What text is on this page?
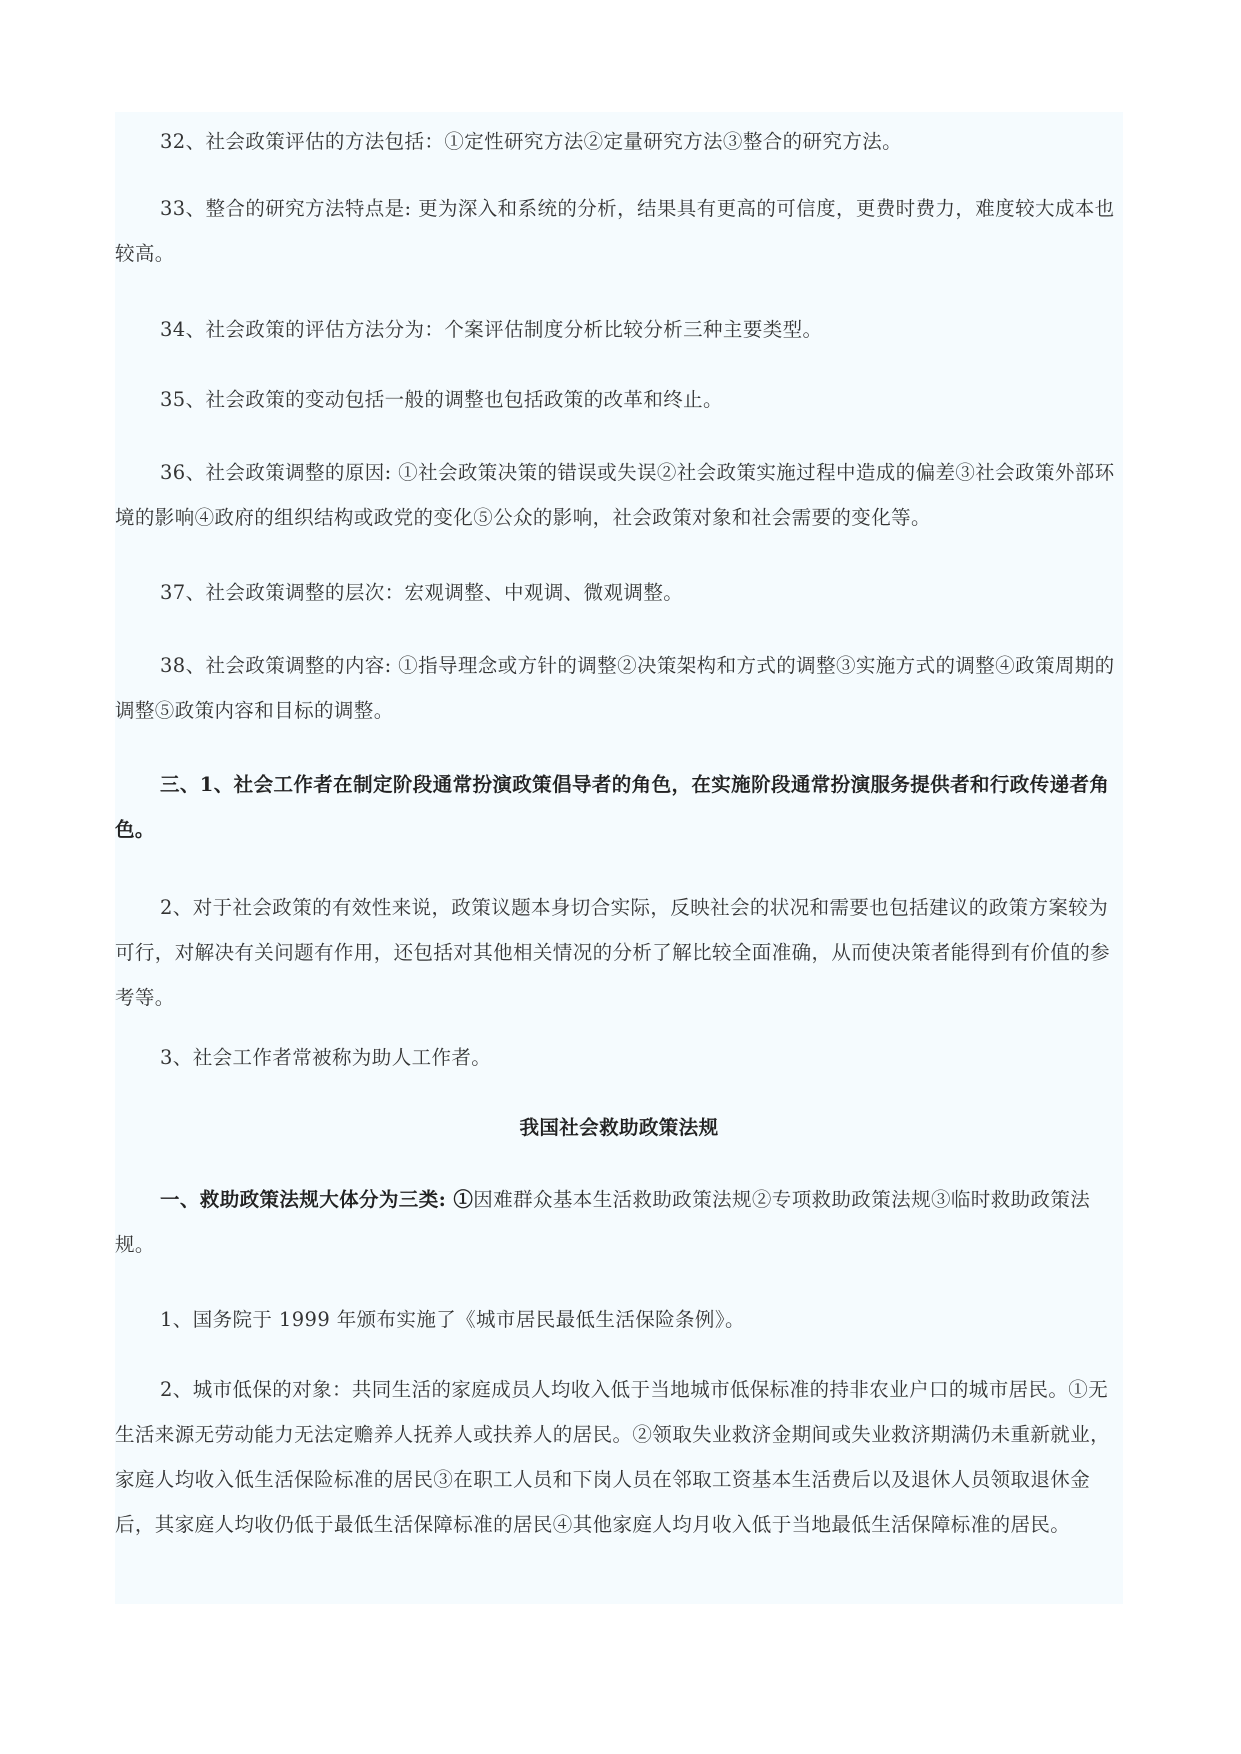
32、社会政策评估的方法包括：①定性研究方法②定量研究方法③整合的研究方法。

33、整合的研究方法特点是: 更为深入和系统的分析，结果具有更高的可信度，更费时费力，难度较大成本也较高。

34、社会政策的评估方法分为：个案评估制度分析比较分析三种主要类型。

35、社会政策的变动包括一般的调整也包括政策的改革和终止。

36、社会政策调整的原因: ①社会政策决策的错误或失误②社会政策实施过程中造成的偏差③社会政策外部环境的影响④政府的组织结构或政党的变化⑤公众的影响，社会政策对象和社会需要的变化等。

37、社会政策调整的层次：宏观调整、中观调、微观调整。

38、社会政策调整的内容: ①指导理念或方针的调整②决策架构和方式的调整③实施方式的调整④政策周期的调整⑤政策内容和目标的调整。

三、1、社会工作者在制定阶段通常扮演政策倡导者的角色，在实施阶段通常扮演服务提供者和行政传递者角色。

2、对于社会政策的有效性来说，政策议题本身切合实际，反映社会的状况和需要也包括建议的政策方案较为可行，对解决有关问题有作用，还包括对其他相关情况的分析了解比较全面准确，从而使决策者能得到有价值的参考等。

3、社会工作者常被称为助人工作者。

我国社会救助政策法规

一、救助政策法规大体分为三类: ①因难群众基本生活救助政策法规②专项救助政策法规③临时救助政策法规。

1、国务院于 1999 年颁布实施了《城市居民最低生活保险条例》。

2、城市低保的对象：共同生活的家庭成员人均收入低于当地城市低保标准的持非农业户口的城市居民。①无生活来源无劳动能力无法定赡养人抚养人或扶养人的居民。②领取失业救济金期间或失业救济期满仍未重新就业，家庭人均收入低生活保险标准的居民③在职工人员和下岗人员在邻取工资基本生活费后以及退休人员领取退休金后，其家庭人均收仍低于最低生活保障标准的居民④其他家庭人均月收入低于当地最低生活保障标准的居民。
